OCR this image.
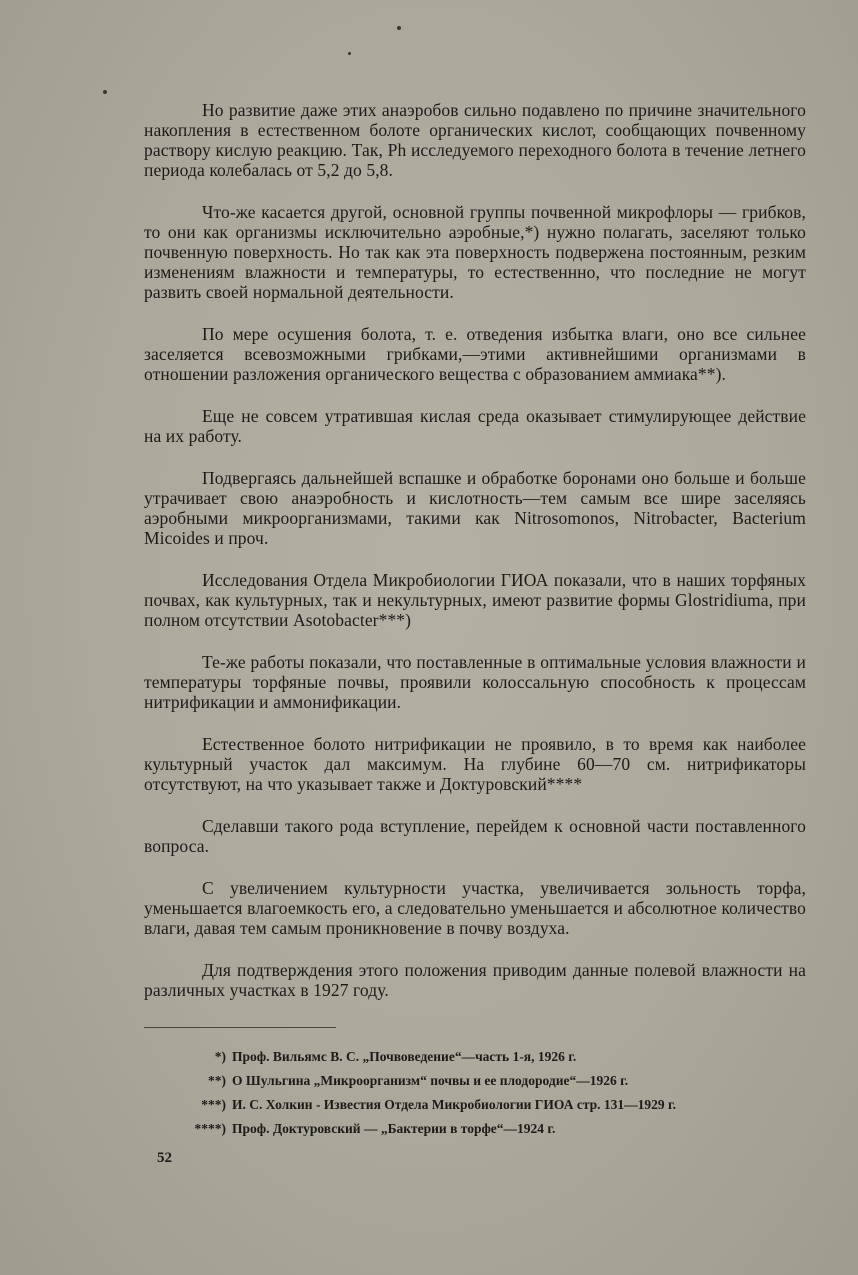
Но развитие даже этих анаэробов сильно подавлено по причине значительного накопления в естественном болоте органических кислот, сообщающих почвенному раствору кислую реакцию. Так, Ph исследуемого переходного болота в течение летнего периода колебалась от 5,2 до 5,8.

Что-же касается другой, основной группы почвенной микрофлоры — грибков, то они как организмы исключительно аэробные,*) нужно полагать, заселяют только почвенную поверхность. Но так как эта поверхность подвержена постоянным, резким изменениям влажности и температуры, то естественнно, что последние не могут развить своей нормальной деятельности.

По мере осушения болота, т. е. отведения избытка влаги, оно все сильнее заселяется всевозможными грибками,—этими активнейшими организмами в отношении разложения органического вещества с образованием аммиака**).

Еще не совсем утратившая кислая среда оказывает стимулирующее действие на их работу.

Подвергаясь дальнейшей вспашке и обработке боронами оно больше и больше утрачивает свою анаэробность и кислотность—тем самым все шире заселяясь аэробными микроорганизмами, такими как Nitrosomonos, Nitrobacter, Bacterium Micoides и проч.

Исследования Отдела Микробиологии ГИОА показали, что в наших торфяных почвах, как культурных, так и некультурных, имеют развитие формы Glostridiuma, при полном отсутствии Asotobacter***)

Те-же работы показали, что поставленные в оптимальные условия влажности и температуры торфяные почвы, проявили колоссальную способность к процессам нитрификации и аммонификации.

Естественное болото нитрификации не проявило, в то время как наиболее культурный участок дал максимум. На глубине 60—70 см. нитрификаторы отсутствуют, на что указывает также и Доктуровский****

Сделавши такого рода вступление, перейдем к основной части поставленного вопроса.

С увеличением культурности участка, увеличивается зольность торфа, уменьшается влагоемкость его, а следовательно уменьшается и абсолютное количество влаги, давая тем самым проникновение в почву воздуха.

Для подтверждения этого положения приводим данные полевой влажности на различных участках в 1927 году.

*) Проф. Вильямс В. С. „Почвоведение“—часть 1-я, 1926 г.
**) О Шульгина „Микроорганизм“ почвы и ее плодородие“—1926 г.
***) И. С. Холкин - Известия Отдела Микробиологии ГИОА стр. 131—1929 г.
****) Проф. Доктуровский — „Бактерии в торфе“—1924 г.
52
